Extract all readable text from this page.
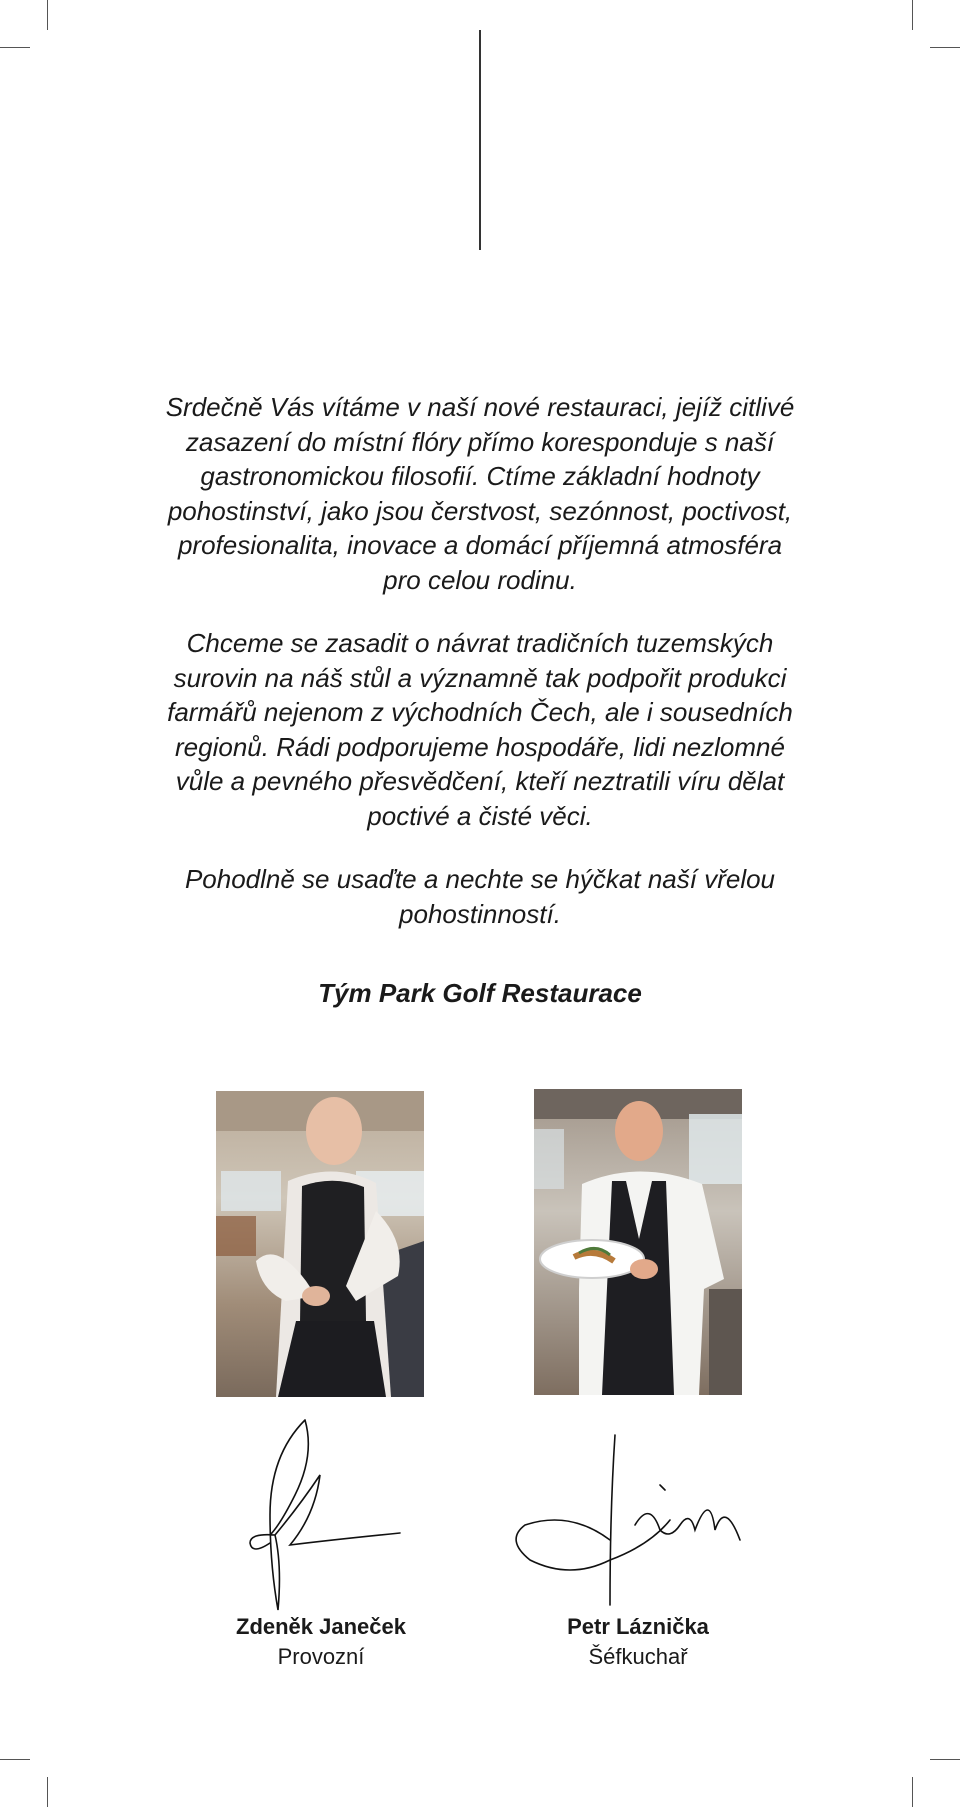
Srdečně Vás vítáme v naší nové restauraci, jejíž citlivé zasazení do místní flóry přímo koresponduje s naší gastronomickou filosofií. Ctíme základní hodnoty pohostinství, jako jsou čerstvost, sezónnost, poctivost, profesionalita, inovace a domácí příjemná atmosféra pro celou rodinu.

Chceme se zasadit o návrat tradičních tuzemských surovin na náš stůl a významně tak podpořit produkci farmářů nejenom z východních Čech, ale i sousedních regionů. Rádi podporujeme hospodáře, lidi nezlomné vůle a pevného přesvědčení, kteří neztratili víru dělat poctivé a čisté věci.

Pohodlně se usaďte a nechte se hýčkat naší vřelou pohostinností.

Tým Park Golf Restaurace
Zdeněk Janeček
Provozní
Petr Láznička
Šéfkuchař
